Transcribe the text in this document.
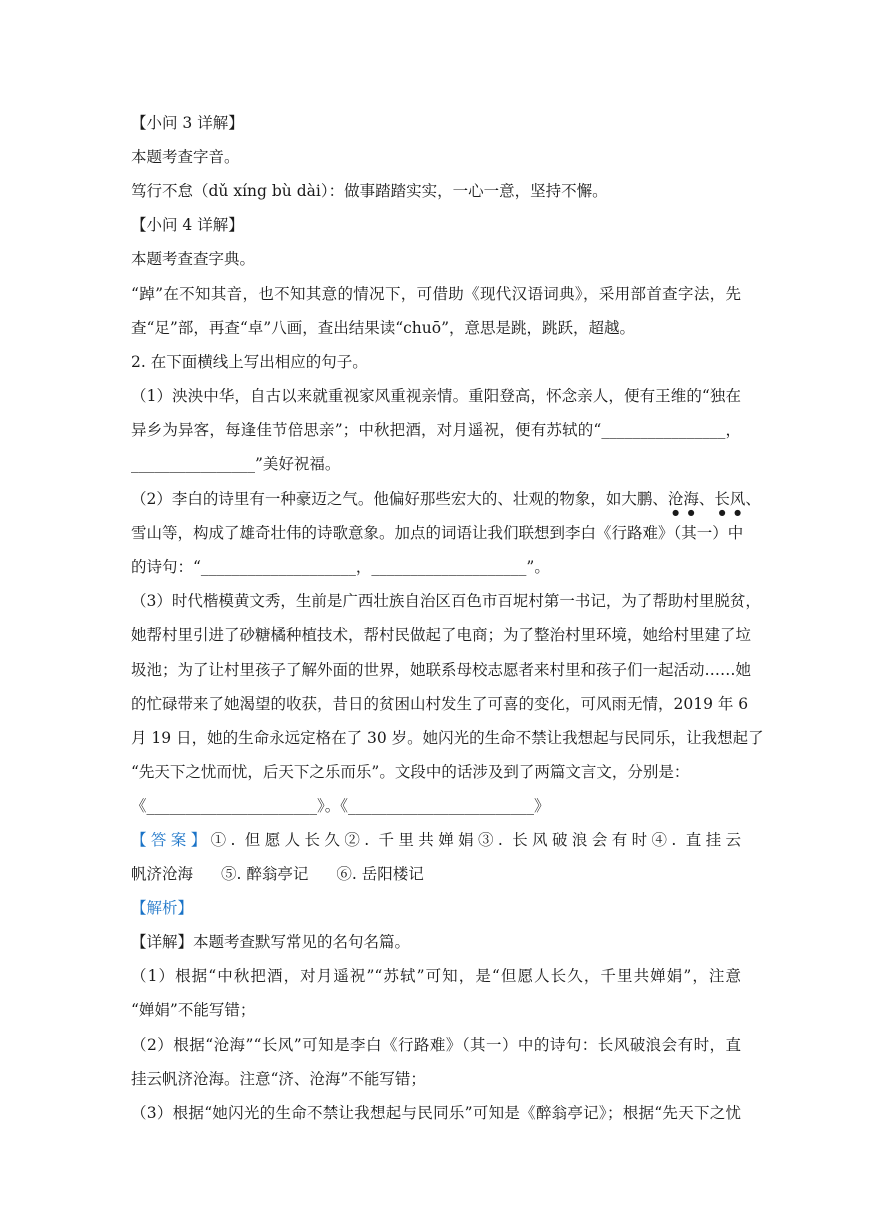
【小问 3 详解】
本题考查字音。
笃行不怠（dǔ xíng bù dài）：做事踏踏实实，一心一意，坚持不懈。
【小问 4 详解】
本题考查查字典。
“踔”在不知其音，也不知其意的情况下，可借助《现代汉语词典》，采用部首查字法，先
查“足”部，再查“卓”八画，查出结果读“chuō”，意思是跳，跳跃，超越。
2. 在下面横线上写出相应的句子。
（1）泱泱中华，自古以来就重视家风重视亲情。重阳登高，怀念亲人，便有王维的“独在
异乡为异客，每逢佳节倍思亲”；中秋把酒，对月遥祝，便有苏轼的“________________，
________________”美好祝福。
（2）李白的诗里有一种豪迈之气。他偏好那些宏大的、壮观的物象，如大鹏、沧海、长风、
雪山等，构成了雄奇壮伟的诗歌意象。加点的词语让我们联想到李白《行路难》（其一）中
的诗句：“____________________，____________________”。
（3）时代楷模黄文秀，生前是广西壮族自治区百色市百坭村第一书记，为了帮助村里脱贫，
她帮村里引进了砂糖橘种植技术，帮村民做起了电商；为了整治村里环境，她给村里建了垃
圾池；为了让村里孩子了解外面的世界，她联系母校志愿者来村里和孩子们一起活动……她
的忙碌带来了她渴望的收获，昔日的贫困山村发生了可喜的变化，可风雨无情，2019 年 6
月 19 日，她的生命永远定格在了 30 岁。她闪光的生命不禁让我想起与民同乐，让我想起了
“先天下之忧而忧，后天下之乐而乐”。文段中的话涉及到了两篇文言文，分别是：
《______________________》。《________________________》
【答案】①. 但愿人长久②. 千里共婵娟③. 长风破浪会有时④. 直挂云
帆济沧海 ⑤. 醉翁亭记 ⑥. 岳阳楼记
【解析】
【详解】本题考查默写常见的名句名篇。
（1）根据“中秋把酒，对月遥祝”“苏轼”可知，是“但愿人长久，千里共婵娟”，注意
“婵娟”不能写错；
（2）根据“沧海”“长风”可知是李白《行路难》（其一）中的诗句：长风破浪会有时，直
挂云帆济沧海。注意“济、沧海”不能写错；
（3）根据“她闪光的生命不禁让我想起与民同乐”可知是《醉翁亭记》；根据“先天下之忧
